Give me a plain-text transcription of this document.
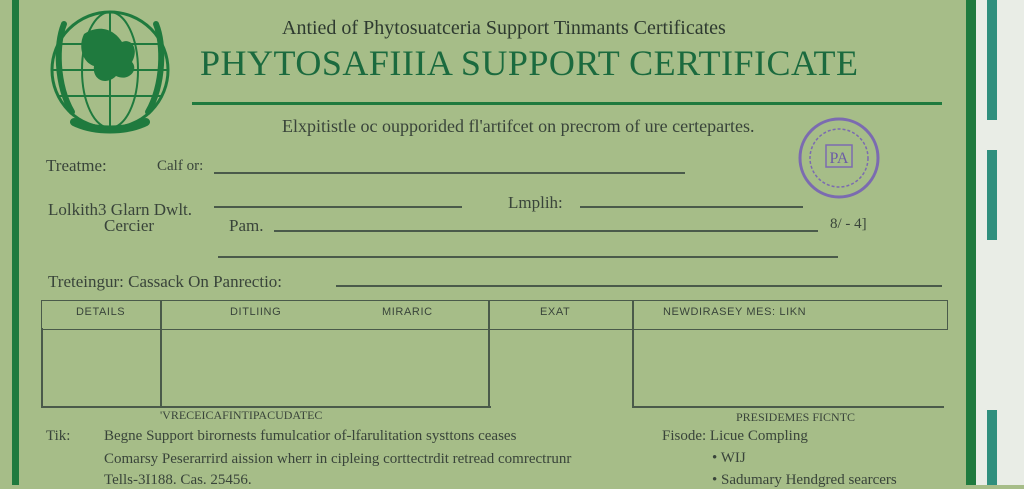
Antied of Phytosuatceria Support Tinmants Certificates
PHYTOSAFIIIA SUPPORT CERTIFICATE
Elxpitistle oc oupporided fl'artifcet on precrom of ure certepartes.
PA
Treatme:	Calf or:
Lolkith3 Glarn Dwlt.	Lmplih:
Cercier	Pam.	8/ - 4]
Treteingur: Cassack On Panrectio:
DETAILS	DITLIING	MIRARIC	EXAT	NEWDIRASEY MES: LIKN
'VRECEICAFINTIPACUDATEC	PRESIDEMES FICNTC
Tik: Begne Support birornests fumulcatior of-lfarulitation systtons ceases
Comarsy Peserarrird aission wherr in cipleing corttectrdit retread comrectrunr
Tells-3I188. Cas. 25456.
Fisode: Licue Compling
• WIJ
• Sadumary Hendgred searcers
